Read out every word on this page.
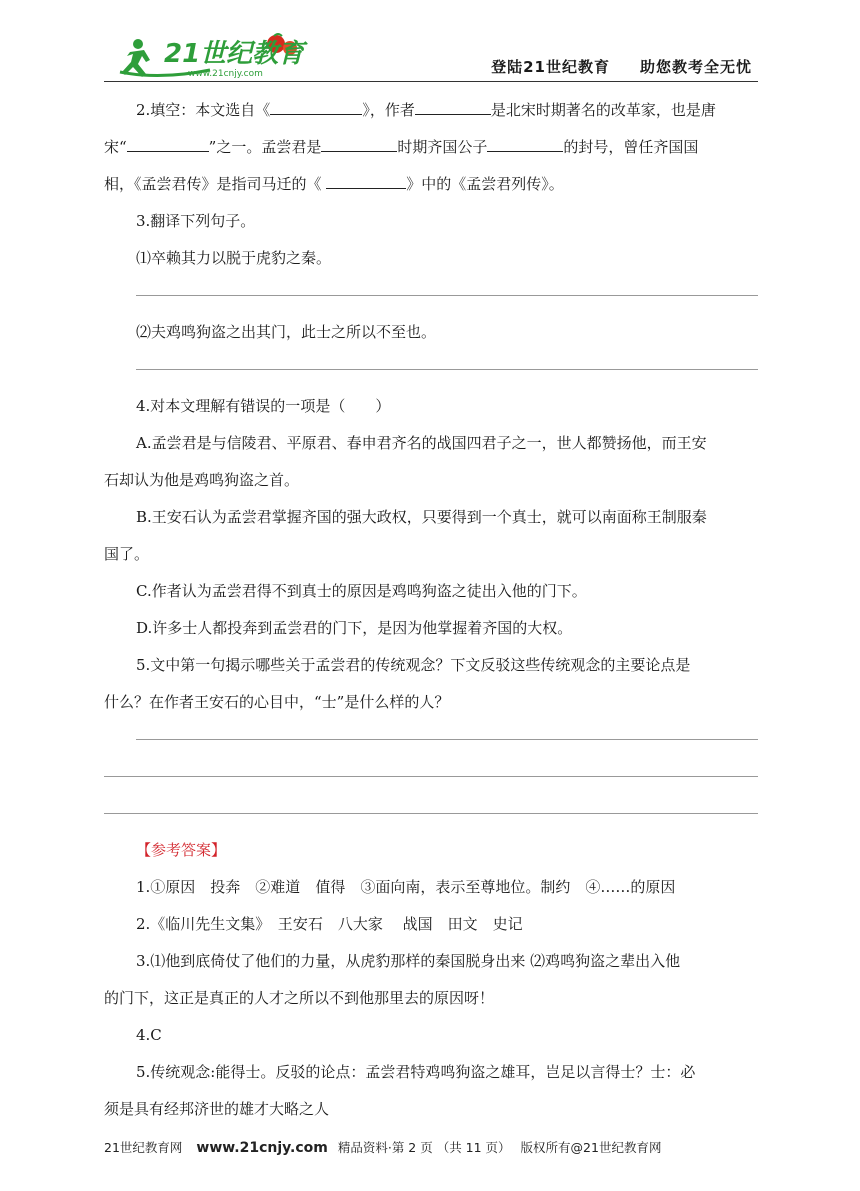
21世纪教育
www.21cnjy.com	登陆21世纪教育 助您教考全无忧
2.填空：本文选自《	》，作者	是北宋时期著名的改革家，也是唐
宋“	”之一。孟尝君是	时期齐国公子	的封号，曾任齐国国
相，《孟尝君传》是指司马迁的《	》中的《孟尝君列传》。
3.翻译下列句子。
⑴卒赖其力以脱于虎豹之秦。
⑵夫鸡鸣狗盗之出其门，此士之所以不至也。
4.对本文理解有错误的一项是（　　）
A.孟尝君是与信陵君、平原君、春申君齐名的战国四君子之一，世人都赞扬他，而王安
石却认为他是鸡鸣狗盗之首。
B.王安石认为孟尝君掌握齐国的强大政权，只要得到一个真士，就可以南面称王制服秦
国了。
C.作者认为孟尝君得不到真士的原因是鸡鸣狗盗之徒出入他的门下。
D.许多士人都投奔到孟尝君的门下，是因为他掌握着齐国的大权。
5.文中第一句揭示哪些关于孟尝君的传统观念？下文反驳这些传统观念的主要论点是
什么？在作者王安石的心目中，“士”是什么样的人？
【参考答案】
1.①原因　投奔　②难道　值得　③面向南，表示至尊地位。制约　④……的原因
2.《临川先生文集》　王安石　八大家　 战国　田文　史记
3.⑴他到底倚仗了他们的力量，从虎豹那样的秦国脱身出来 ⑵鸡鸣狗盗之辈出入他
的门下，这正是真正的人才之所以不到他那里去的原因呀！
4.C
5.传统观念:能得士。反驳的论点：孟尝君特鸡鸣狗盗之雄耳，岂足以言得士？士：必
须是具有经邦济世的雄才大略之人
21世纪教育网 www.21cnjy.com 精品资料·第 2 页 （共 11 页） 版权所有@21世纪教育网
